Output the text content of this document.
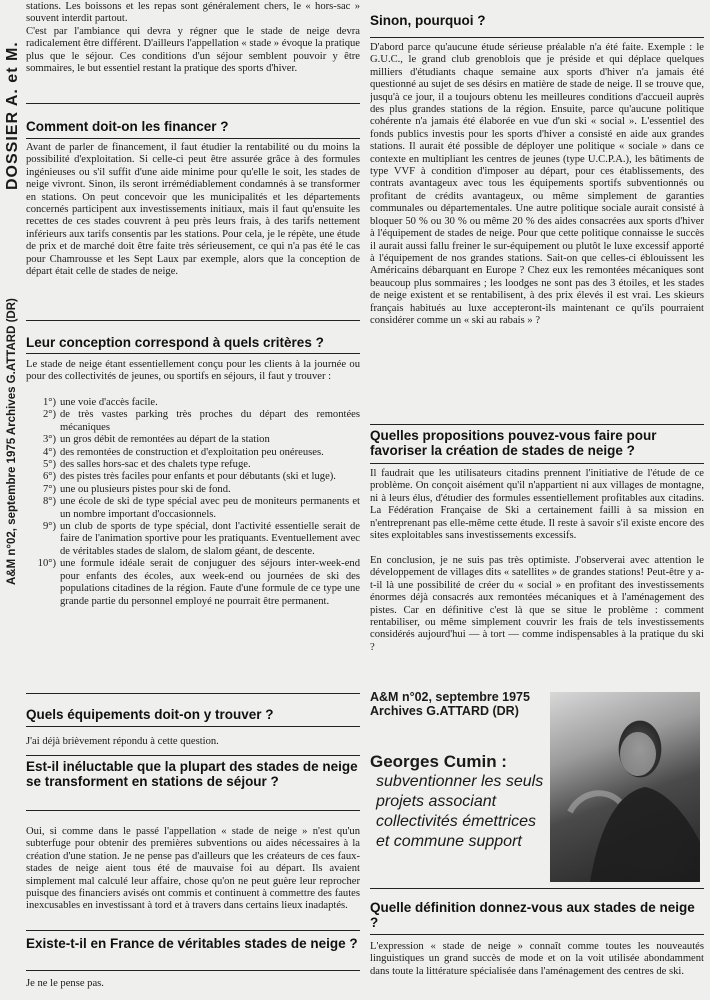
DOSSIER A. et M.
A&M n°02, septembre 1975 Archives G.ATTARD (DR)

stations. Les boissons et les repas sont généralement chers, le « hors-sac » souvent interdit partout.

C'est par l'ambiance qui devra y régner que le stade de neige devra radicalement être différent. D'ailleurs l'appellation « stade » évoque la pratique plus que le séjour. Ces conditions d'un séjour semblent pouvoir y être sommaires, le but essentiel restant la pratique des sports d'hiver.

Comment doit-on les financer ?

Avant de parler de financement, il faut étudier la rentabilité ou du moins la possibilité d'exploitation. Si celle-ci peut être assurée grâce à des formules ingénieuses ou s'il suffit d'une aide minime pour qu'elle le soit, les stades de neige vivront. Sinon, ils seront irrémédiablement condamnés à se transformer en stations. On peut concevoir que les municipalités et les départements concernés participent aux investissements initiaux, mais il faut qu'ensuite les recettes de ces stades couvrent à peu près leurs frais, à des tarifs nettement inférieurs aux tarifs consentis par les stations. Pour cela, je le répète, une étude de prix et de marché doit être faite très sérieusement, ce qui n'a pas été le cas pour Chamrousse et les Sept Laux par exemple, alors que la conception de départ était celle de stades de neige.

Leur conception correspond à quels critères ?

Le stade de neige étant essentiellement conçu pour les clients à la journée ou pour des collectivités de jeunes, ou sportifs en séjours, il faut y trouver :

1°) une voie d'accès facile.
2°) de très vastes parking très proches du départ des remontées mécaniques
3°) un gros débit de remontées au départ de la station
4°) des remontées de construction et d'exploitation peu onéreuses.
5°) des salles hors-sac et des chalets type refuge.
6°) des pistes très faciles pour enfants et pour débutants (ski et luge).
7°) une ou plusieurs pistes pour ski de fond.
8°) une école de ski de type spécial avec peu de moniteurs permanents et un nombre important d'occasionnels.
9°) un club de sports de type spécial, dont l'activité essentielle serait de faire de l'animation sportive pour les pratiquants. Eventuellement avec de véritables stades de slalom, de slalom géant, de descente.
10°) une formule idéale serait de conjuguer des séjours inter-week-end pour enfants des écoles, aux week-end ou journées de ski des populations citadines de la région. Faute d'une formule de ce type une grande partie du personnel employé ne pourrait être permanent.
Quels équipements doit-on y trouver ?

J'ai déjà brièvement répondu à cette question.

Est-il inéluctable que la plupart des stades de neige se transforment en stations de séjour ?

Oui, si comme dans le passé l'appellation « stade de neige » n'est qu'un subterfuge pour obtenir des premières subventions ou aides nécessaires à la création d'une station. Je ne pense pas d'ailleurs que les créateurs de ces faux-stades de neige aient tous été de mauvaise foi au départ. Ils avaient simplement mal calculé leur affaire, chose qu'on ne peut guère leur reprocher puisque des financiers avisés ont commis et continuent à commettre des fautes inexcusables en investissant à tord et à travers dans certains lieux inadaptés.

Existe-t-il en France de véritables stades de neige ?

Je ne le pense pas.

Sinon, pourquoi ?

D'abord parce qu'aucune étude sérieuse préalable n'a été faite. Exemple : le G.U.C., le grand club grenoblois que je préside et qui déplace quelques milliers d'étudiants chaque semaine aux sports d'hiver n'a jamais été questionné au sujet de ses désirs en matière de stade de neige. Il se trouve que, jusqu'à ce jour, il a toujours obtenu les meilleures conditions d'accueil auprès des plus grandes stations de la région. Ensuite, parce qu'aucune politique cohérente n'a jamais été élaborée en vue d'un ski « social ». L'essentiel des fonds publics investis pour les sports d'hiver a consisté en aide aux grandes stations. Il aurait été possible de déployer une politique « sociale » dans ce contexte en multipliant les centres de jeunes (type U.C.P.A.), les bâtiments de type VVF à condition d'imposer au départ, pour ces établissements, des contrats avantageux avec tous les équipements sportifs subventionnés ou profitant de crédits avantageux, ou même simplement de garanties communales ou départementales. Une autre politique sociale aurait consisté à bloquer 50 % ou 30 % ou même 20 % des aides consacrées aux sports d'hiver à l'équipement de stades de neige. Pour que cette politique connaisse le succès il aurait aussi fallu freiner le sur-équipement ou plutôt le luxe excessif apporté à l'équipement de nos grandes stations. Sait-on que celles-ci éblouissent les Américains débarquant en Europe ? Chez eux les remontées mécaniques sont beaucoup plus sommaires ; les loodges ne sont pas des 3 étoiles, et les stades de neige existent et se rentabilisent, à des prix élevés il est vrai. Les skieurs français habitués au luxe accepteront-ils maintenant ce qu'ils pourraient considérer comme un « ski au rabais » ?

Quelles propositions pouvez-vous faire pour favoriser la création de stades de neige ?

Il faudrait que les utilisateurs citadins prennent l'initiative de l'étude de ce problème. On conçoit aisément qu'il n'appartient ni aux villages de montagne, ni à leurs élus, d'étudier des formules essentiellement profitables aux citadins. La Fédération Française de Ski a certainement failli à sa mission en n'entreprenant pas elle-même cette étude. Il reste à savoir s'il existe encore des sites exploitables sans investissements excessifs.

En conclusion, je ne suis pas très optimiste. J'observerai avec attention le développement de villages dits « satellites » de grandes stations! Peut-être y a-t-il là une possibilité de créer du « social » en profitant des investissements énormes déjà consacrés aux remontées mécaniques et à l'aménagement des pistes. Car en définitive c'est là que se situe le problème : comment rentabiliser, ou même simplement couvrir les frais de tels investissements considérés aujourd'hui — à tort — comme indispensables à la pratique du ski ?

A&M n°02, septembre 1975 Archives G.ATTARD (DR)
Georges Cumin :
subventionner les seuls projets associant collectivités émettrices et commune support
Quelle définition donnez-vous aux stades de neige ?

L'expression « stade de neige » connaît comme toutes les nouveautés linguistiques un grand succès de mode et on la voit utilisée abondamment dans toute la littérature spécialisée dans l'aménagement des centres de ski.
